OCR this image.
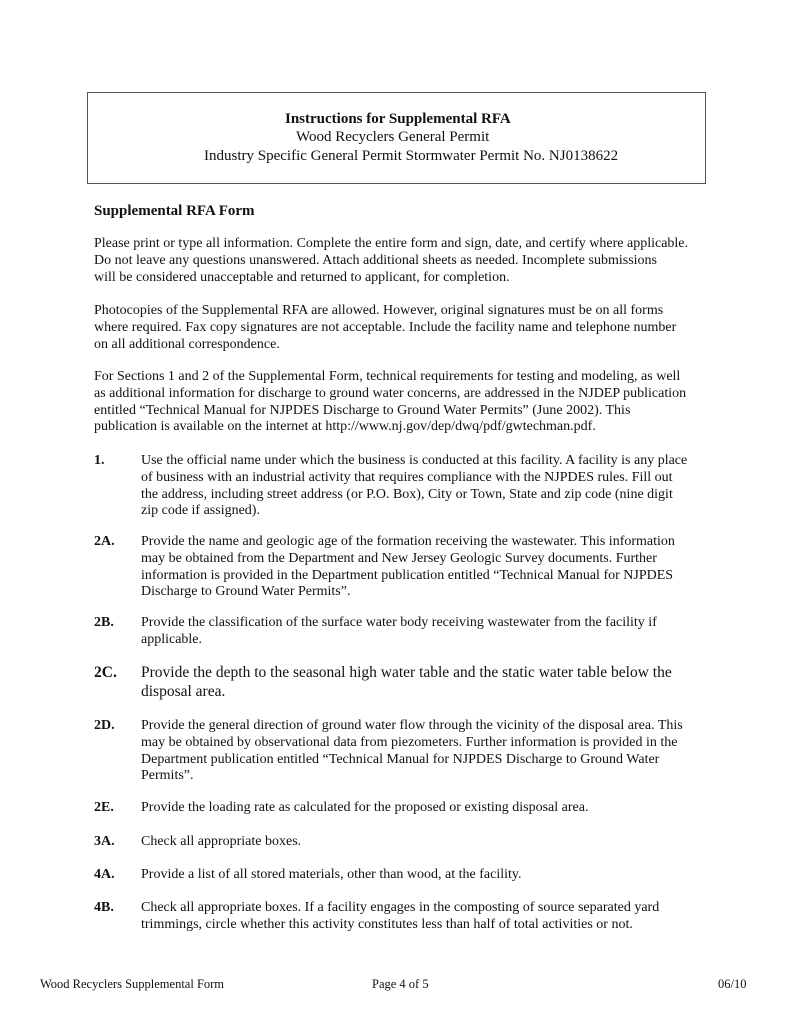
Instructions for Supplemental RFA
Wood Recyclers General Permit
Industry Specific General Permit Stormwater Permit No. NJ0138622
Supplemental RFA Form
Please print or type all information. Complete the entire form and sign, date, and certify where applicable.
Do not leave any questions unanswered. Attach additional sheets as needed. Incomplete submissions
will be considered unacceptable and returned to applicant, for completion.
Photocopies of the Supplemental RFA are allowed. However, original signatures must be on all forms
where required. Fax copy signatures are not acceptable. Include the facility name and telephone number
on all additional correspondence.
For Sections 1 and 2 of the Supplemental Form, technical requirements for testing and modeling, as well
as additional information for discharge to ground water concerns, are addressed in the NJDEP publication
entitled “Technical Manual for NJPDES Discharge to Ground Water Permits” (June 2002). This
publication is available on the internet at http://www.nj.gov/dep/dwq/pdf/gwtechman.pdf.
1.	Use the official name under which the business is conducted at this facility. A facility is any place
of business with an industrial activity that requires compliance with the NJPDES rules. Fill out
the address, including street address (or P.O. Box), City or Town, State and zip code (nine digit
zip code if assigned).
2A. Provide the name and geologic age of the formation receiving the wastewater. This information
may be obtained from the Department and New Jersey Geologic Survey documents. Further
information is provided in the Department publication entitled “Technical Manual for NJPDES
Discharge to Ground Water Permits”.
2B. Provide the classification of the surface water body receiving wastewater from the facility if
applicable.
2C. Provide the depth to the seasonal high water table and the static water table below the
disposal area.
2D. Provide the general direction of ground water flow through the vicinity of the disposal area. This
may be obtained by observational data from piezometers. Further information is provided in the
Department publication entitled “Technical Manual for NJPDES Discharge to Ground Water
Permits”.
2E. Provide the loading rate as calculated for the proposed or existing disposal area.
3A. Check all appropriate boxes.
4A. Provide a list of all stored materials, other than wood, at the facility.
4B. Check all appropriate boxes. If a facility engages in the composting of source separated yard
trimmings, circle whether this activity constitutes less than half of total activities or not.
Wood Recyclers Supplemental Form	Page 4 of 5	06/10
